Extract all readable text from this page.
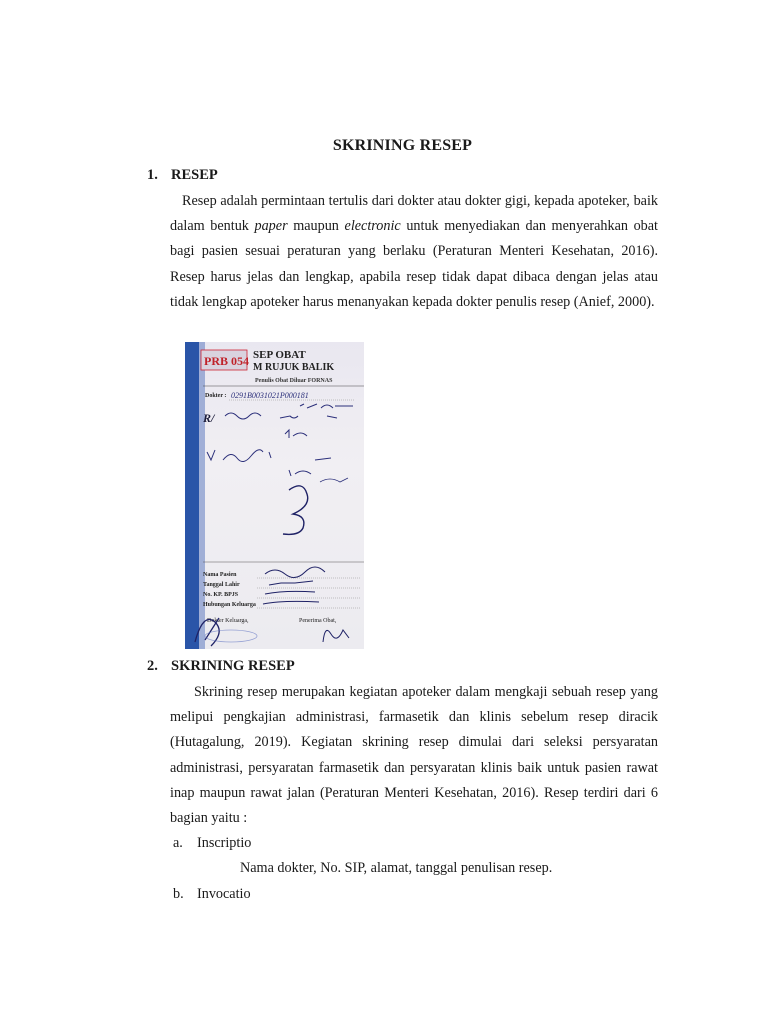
SKRINING RESEP
1. RESEP

Resep adalah permintaan tertulis dari dokter atau dokter gigi, kepada apoteker, baik dalam bentuk paper maupun electronic untuk menyediakan dan menyerahkan obat bagi pasien sesuai peraturan yang berlaku (Peraturan Menteri Kesehatan, 2016). Resep harus jelas dan lengkap, apabila resep tidak dapat dibaca dengan jelas atau tidak lengkap apoteker harus menanyakan kepada dokter penulis resep (Anief, 2000).

PRB 054 SEP OBAT
M RUJUK BALIK
Penulis Obat Diluar FORNAS
Dokter : 0291B0031021P000181
R/
Nama Pasien
Tanggal Lahir
No. KP. BPJS
Hubungan Keluarga
Dokter Keluarga,	Penerima Obat,
2. SKRINING RESEP

Skrining resep merupakan kegiatan apoteker dalam mengkaji sebuah resep yang melipui pengkajian administrasi, farmasetik dan klinis sebelum resep diracik (Hutagalung, 2019). Kegiatan skrining resep dimulai dari seleksi persyaratan administrasi, persyaratan farmasetik dan persyaratan klinis baik untuk pasien rawat inap maupun rawat jalan (Peraturan Menteri Kesehatan, 2016). Resep terdiri dari 6 bagian yaitu :

a. Inscriptio
Nama dokter, No. SIP, alamat, tanggal penulisan resep.
b. Invocatio
